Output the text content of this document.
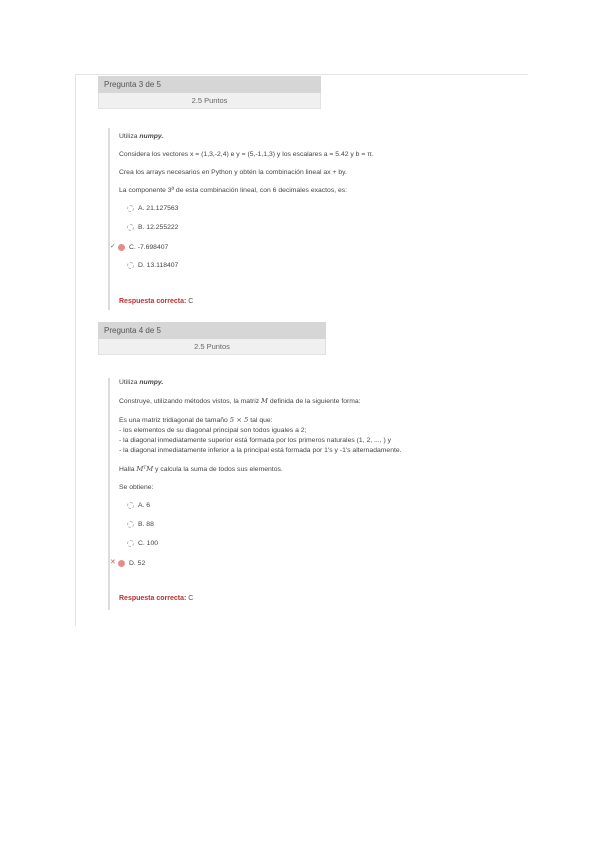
Pregunta 3 de 5
2.5 Puntos
Utiliza numpy.
Considera los vectores x = (1,3,-2,4) e y = (5,-1,1,3) y los escalares a = 5.42 y b = π.
Crea los arrays necesarios en Python y obtén la combinación lineal ax + by.
La componente 3ª de esta combinación lineal, con 6 decimales exactos, es:
A. 21.127563
B. 12.255222
✓ C. -7.698407
D. 13.118407
Respuesta correcta: C
Pregunta 4 de 5
2.5 Puntos
Utiliza numpy.
Construye, utilizando métodos vistos, la matriz M definida de la siguiente forma:
Es una matriz tridiagonal de tamaño 5 × 5 tal que:
- los elementos de su diagonal principal son todos iguales a 2;
- la diagonal inmediatamente superior está formada por los primeros naturales (1, 2, ..., ) y
- la diagonal inmediatamente inferior a la principal está formada por 1's y -1's alternadamente.
Halla MᵀM y calcula la suma de todos sus elementos.
Se obtiene:
A. 6
B. 88
C. 100
✕ D. 52
Respuesta correcta: C
